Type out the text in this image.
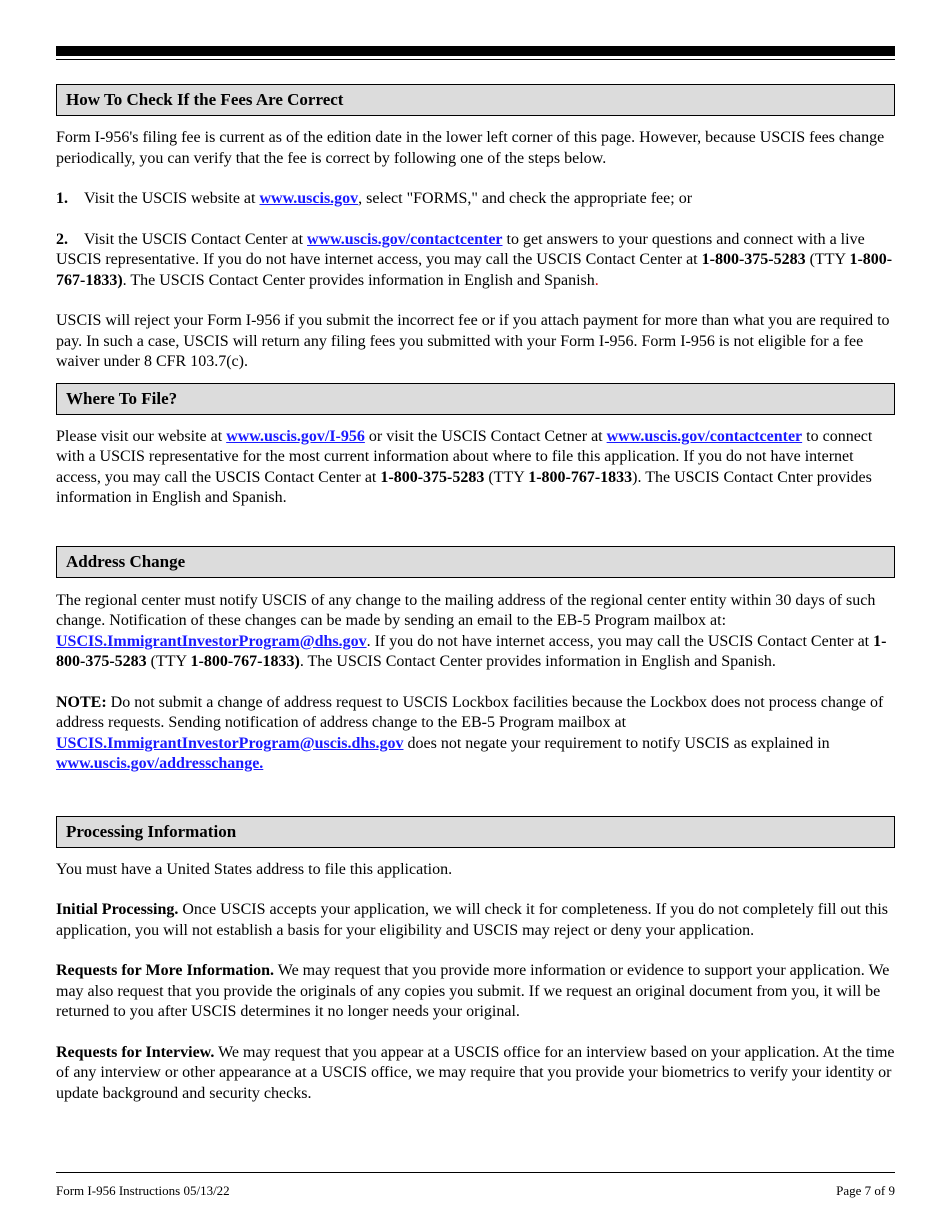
How To Check If the Fees Are Correct

Form I-956's filing fee is current as of the edition date in the lower left corner of this page. However, because USCIS fees change periodically, you can verify that the fee is correct by following one of the steps below.

1. Visit the USCIS website at www.uscis.gov, select "FORMS," and check the appropriate fee; or

2. Visit the USCIS Contact Center at www.uscis.gov/contactcenter to get answers to your questions and connect with a live USCIS representative. If you do not have internet access, you may call the USCIS Contact Center at 1-800-375-5283 (TTY 1-800-767-1833). The USCIS Contact Center provides information in English and Spanish.

USCIS will reject your Form I-956 if you submit the incorrect fee or if you attach payment for more than what you are required to pay. In such a case, USCIS will return any filing fees you submitted with your Form I-956. Form I-956 is not eligible for a fee waiver under 8 CFR 103.7(c).

Where To File?

Please visit our website at www.uscis.gov/I-956 or visit the USCIS Contact Cetner at www.uscis.gov/contactcenter to connect with a USCIS representative for the most current information about where to file this application. If you do not have internet access, you may call the USCIS Contact Center at 1-800-375-5283 (TTY 1-800-767-1833). The USCIS Contact Cnter provides information in English and Spanish.

Address Change

The regional center must notify USCIS of any change to the mailing address of the regional center entity within 30 days of such change. Notification of these changes can be made by sending an email to the EB-5 Program mailbox at: USCIS.ImmigrantInvestorProgram@dhs.gov. If you do not have internet access, you may call the USCIS Contact Center at 1-800-375-5283 (TTY 1-800-767-1833). The USCIS Contact Center provides information in English and Spanish.

NOTE: Do not submit a change of address request to USCIS Lockbox facilities because the Lockbox does not process change of address requests. Sending notification of address change to the EB-5 Program mailbox at USCIS.ImmigrantInvestorProgram@uscis.dhs.gov does not negate your requirement to notify USCIS as explained in www.uscis.gov/addresschange.

Processing Information

You must have a United States address to file this application.

Initial Processing. Once USCIS accepts your application, we will check it for completeness. If you do not completely fill out this application, you will not establish a basis for your eligibility and USCIS may reject or deny your application.

Requests for More Information. We may request that you provide more information or evidence to support your application. We may also request that you provide the originals of any copies you submit. If we request an original document from you, it will be returned to you after USCIS determines it no longer needs your original.

Requests for Interview. We may request that you appear at a USCIS office for an interview based on your application. At the time of any interview or other appearance at a USCIS office, we may require that you provide your biometrics to verify your identity or update background and security checks.

Form I-956 Instructions 05/13/22	Page 7 of 9
